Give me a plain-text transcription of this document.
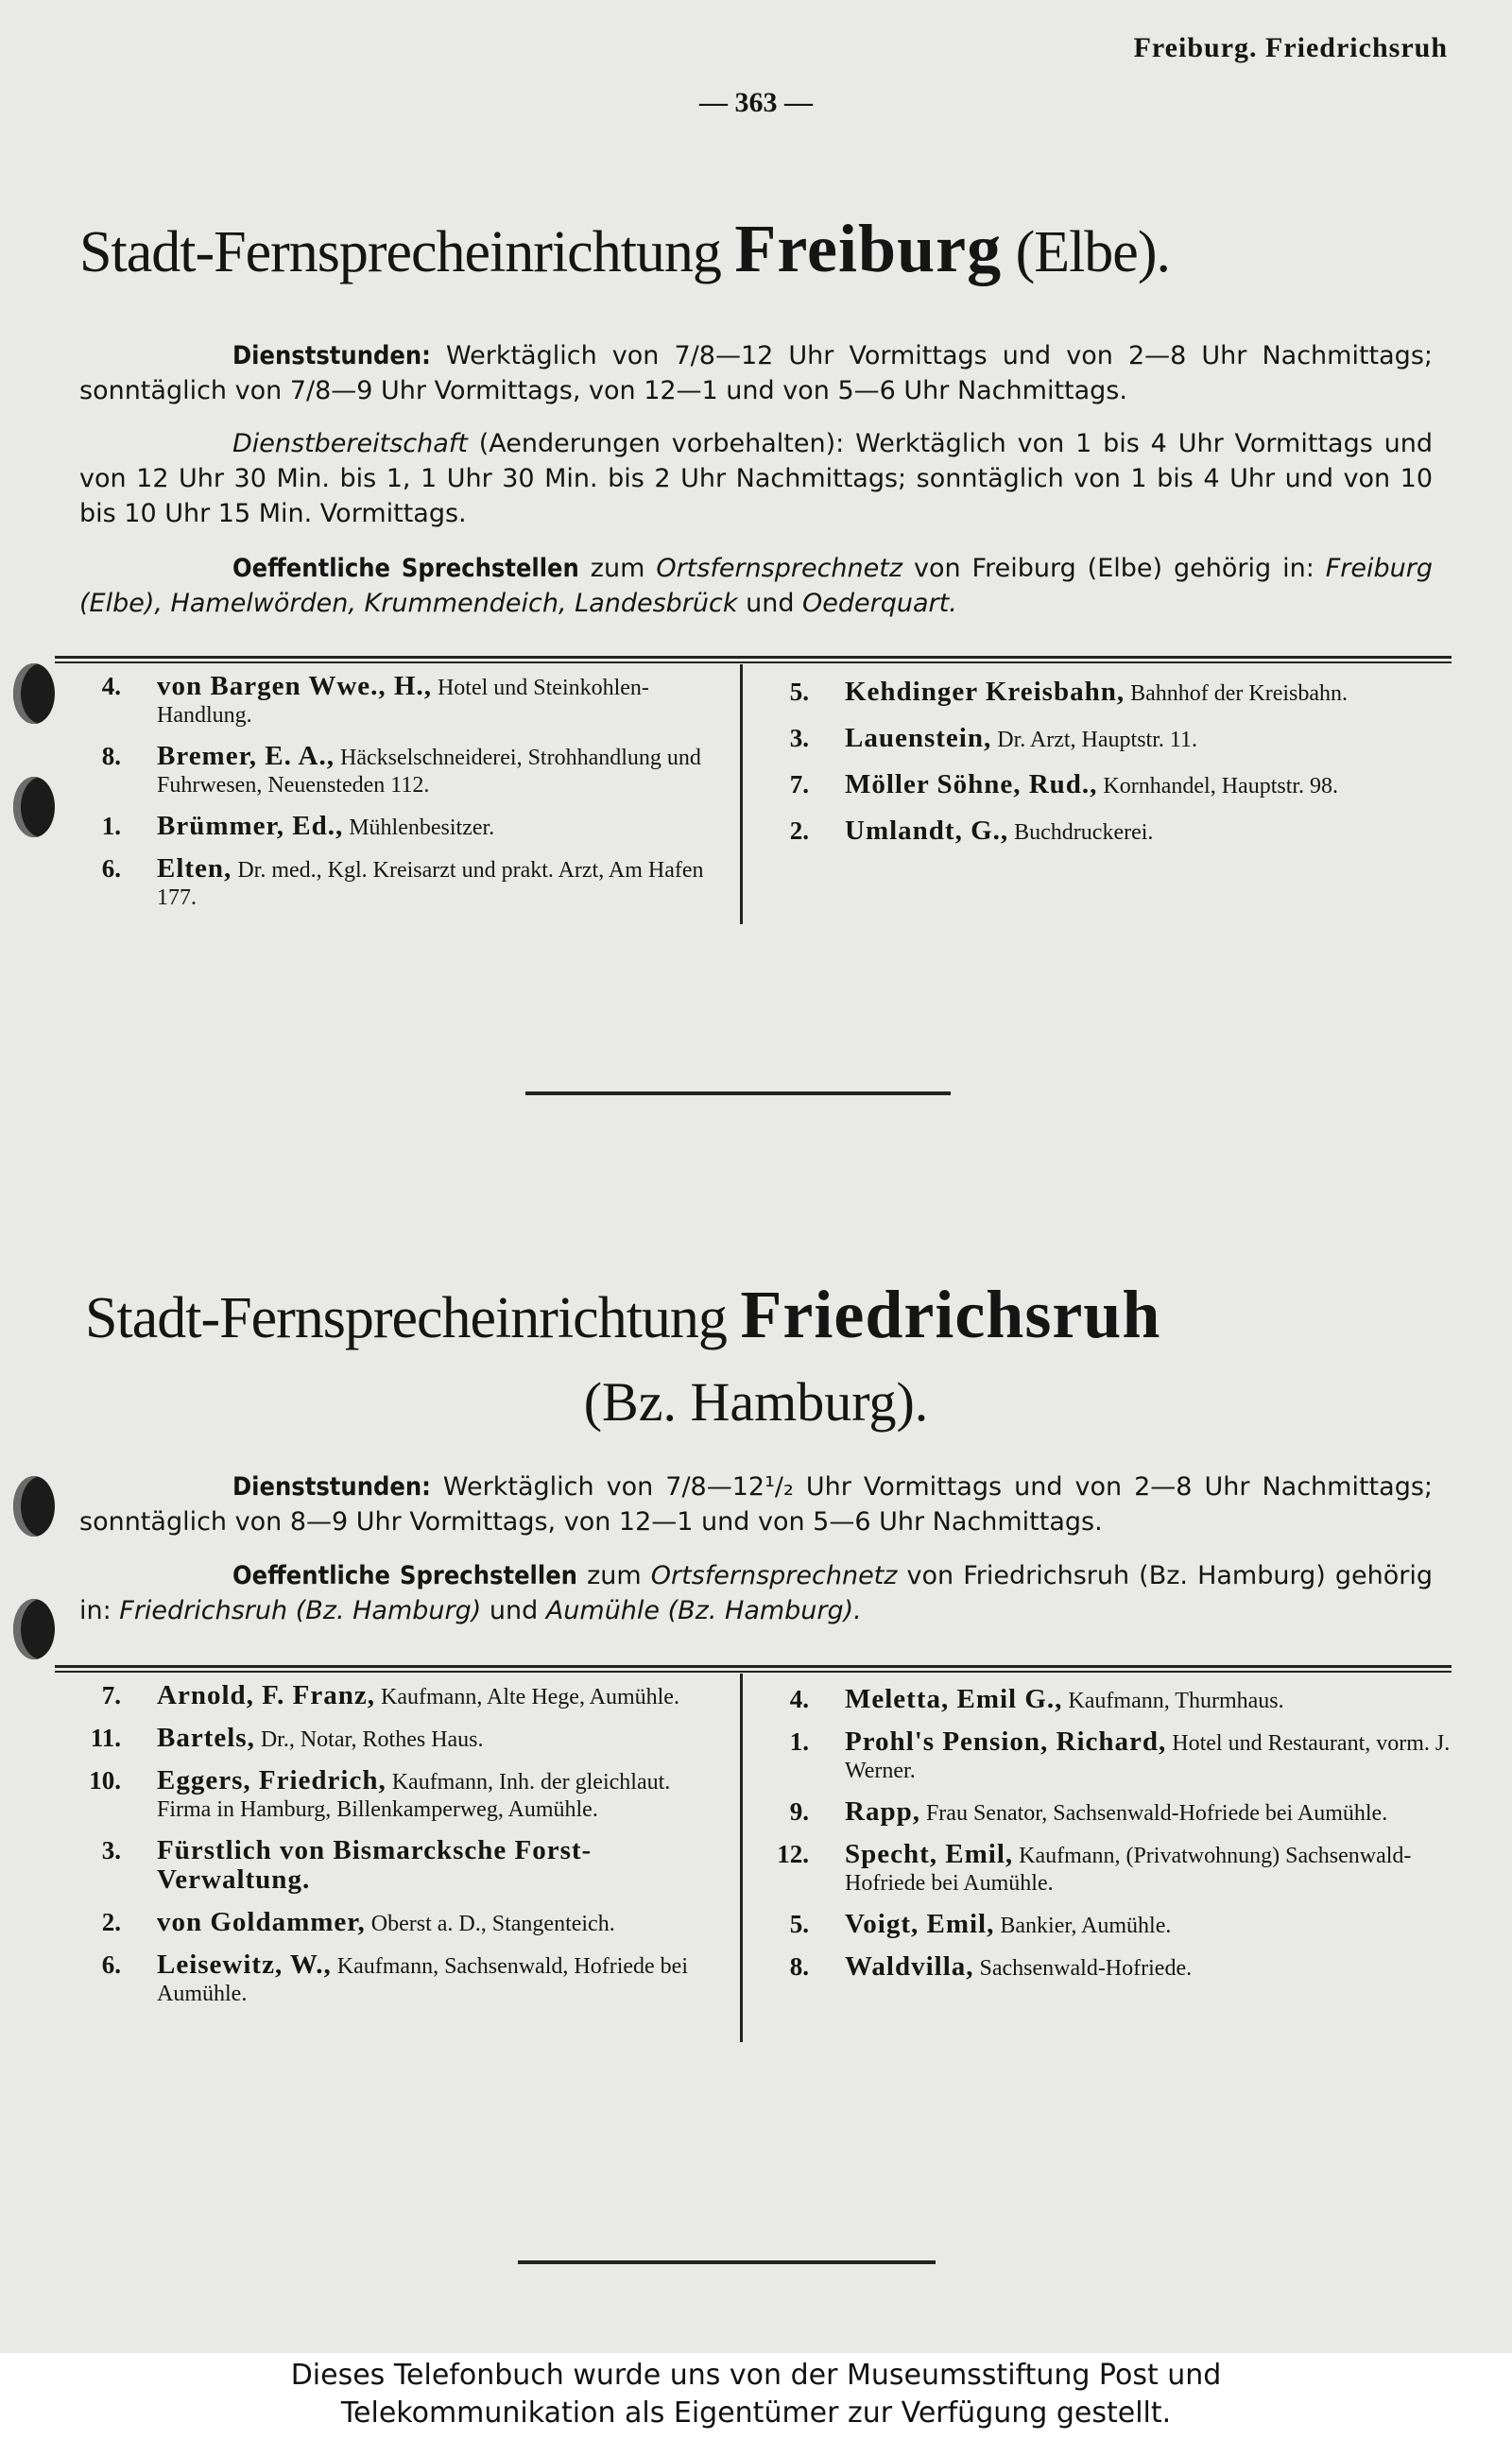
Freiburg. Friedrichsruh
— 363 —
Stadt-Fernsprecheinrichtung Freiburg (Elbe).
Dienststunden: Werktäglich von 7/8—12 Uhr Vormittags und von 2—8 Uhr Nachmittags; sonntäglich von 7/8—9 Uhr Vormittags, von 12—1 und von 5—6 Uhr Nachmittags.
Dienstbereitschaft (Aenderungen vorbehalten): Werktäglich von 1 bis 4 Uhr Vormittags und von 12 Uhr 30 Min. bis 1, 1 Uhr 30 Min. bis 2 Uhr Nachmittags; sonntäglich von 1 bis 4 Uhr und von 10 bis 10 Uhr 15 Min. Vormittags.
Oeffentliche Sprechstellen zum Ortsfernsprechnetz von Freiburg (Elbe) gehörig in: Freiburg (Elbe), Hamelwörden, Krummendeich, Landesbrück und Oederquart.
4. von Bargen Wwe., H., Hotel und Steinkohlen-Handlung.
8. Bremer, E. A., Häckselschneiderei, Strohhandlung und Fuhrwesen, Neuensteden 112.
1. Brümmer, Ed., Mühlenbesitzer.
6. Elten, Dr. med., Kgl. Kreisarzt und prakt. Arzt, Am Hafen 177.
5. Kehdinger Kreisbahn, Bahnhof der Kreisbahn.
3. Lauenstein, Dr. Arzt, Hauptstr. 11.
7. Möller Söhne, Rud., Kornhandel, Hauptstr. 98.
2. Umlandt, G., Buchdruckerei.
Stadt-Fernsprecheinrichtung Friedrichsruh
(Bz. Hamburg).
Dienststunden: Werktäglich von 7/8—12¹/₂ Uhr Vormittags und von 2—8 Uhr Nachmittags; sonntäglich von 8—9 Uhr Vormittags, von 12—1 und von 5—6 Uhr Nachmittags.
Oeffentliche Sprechstellen zum Ortsfernsprechnetz von Friedrichsruh (Bz. Hamburg) gehörig in: Friedrichsruh (Bz. Hamburg) und Aumühle (Bz. Hamburg).
7. Arnold, F. Franz, Kaufmann, Alte Hege, Aumühle.
11. Bartels, Dr., Notar, Rothes Haus.
10. Eggers, Friedrich, Kaufmann, Inh. der gleichlaut. Firma in Hamburg, Billenkamperweg, Aumühle.
3. Fürstlich von Bismarcksche Forst-Verwaltung.
2. von Goldammer, Oberst a. D., Stangenteich.
6. Leisewitz, W., Kaufmann, Sachsenwald, Hofriede bei Aumühle.
4. Meletta, Emil G., Kaufmann, Thurmhaus.
1. Prohl's Pension, Richard, Hotel und Restaurant, vorm. J. Werner.
9. Rapp, Frau Senator, Sachsenwald-Hofriede bei Aumühle.
12. Specht, Emil, Kaufmann, (Privatwohnung) Sachsenwald-Hofriede bei Aumühle.
5. Voigt, Emil, Bankier, Aumühle.
8. Waldvilla, Sachsenwald-Hofriede.
Dieses Telefonbuch wurde uns von der Museumsstiftung Post und
Telekommunikation als Eigentümer zur Verfügung gestellt.
